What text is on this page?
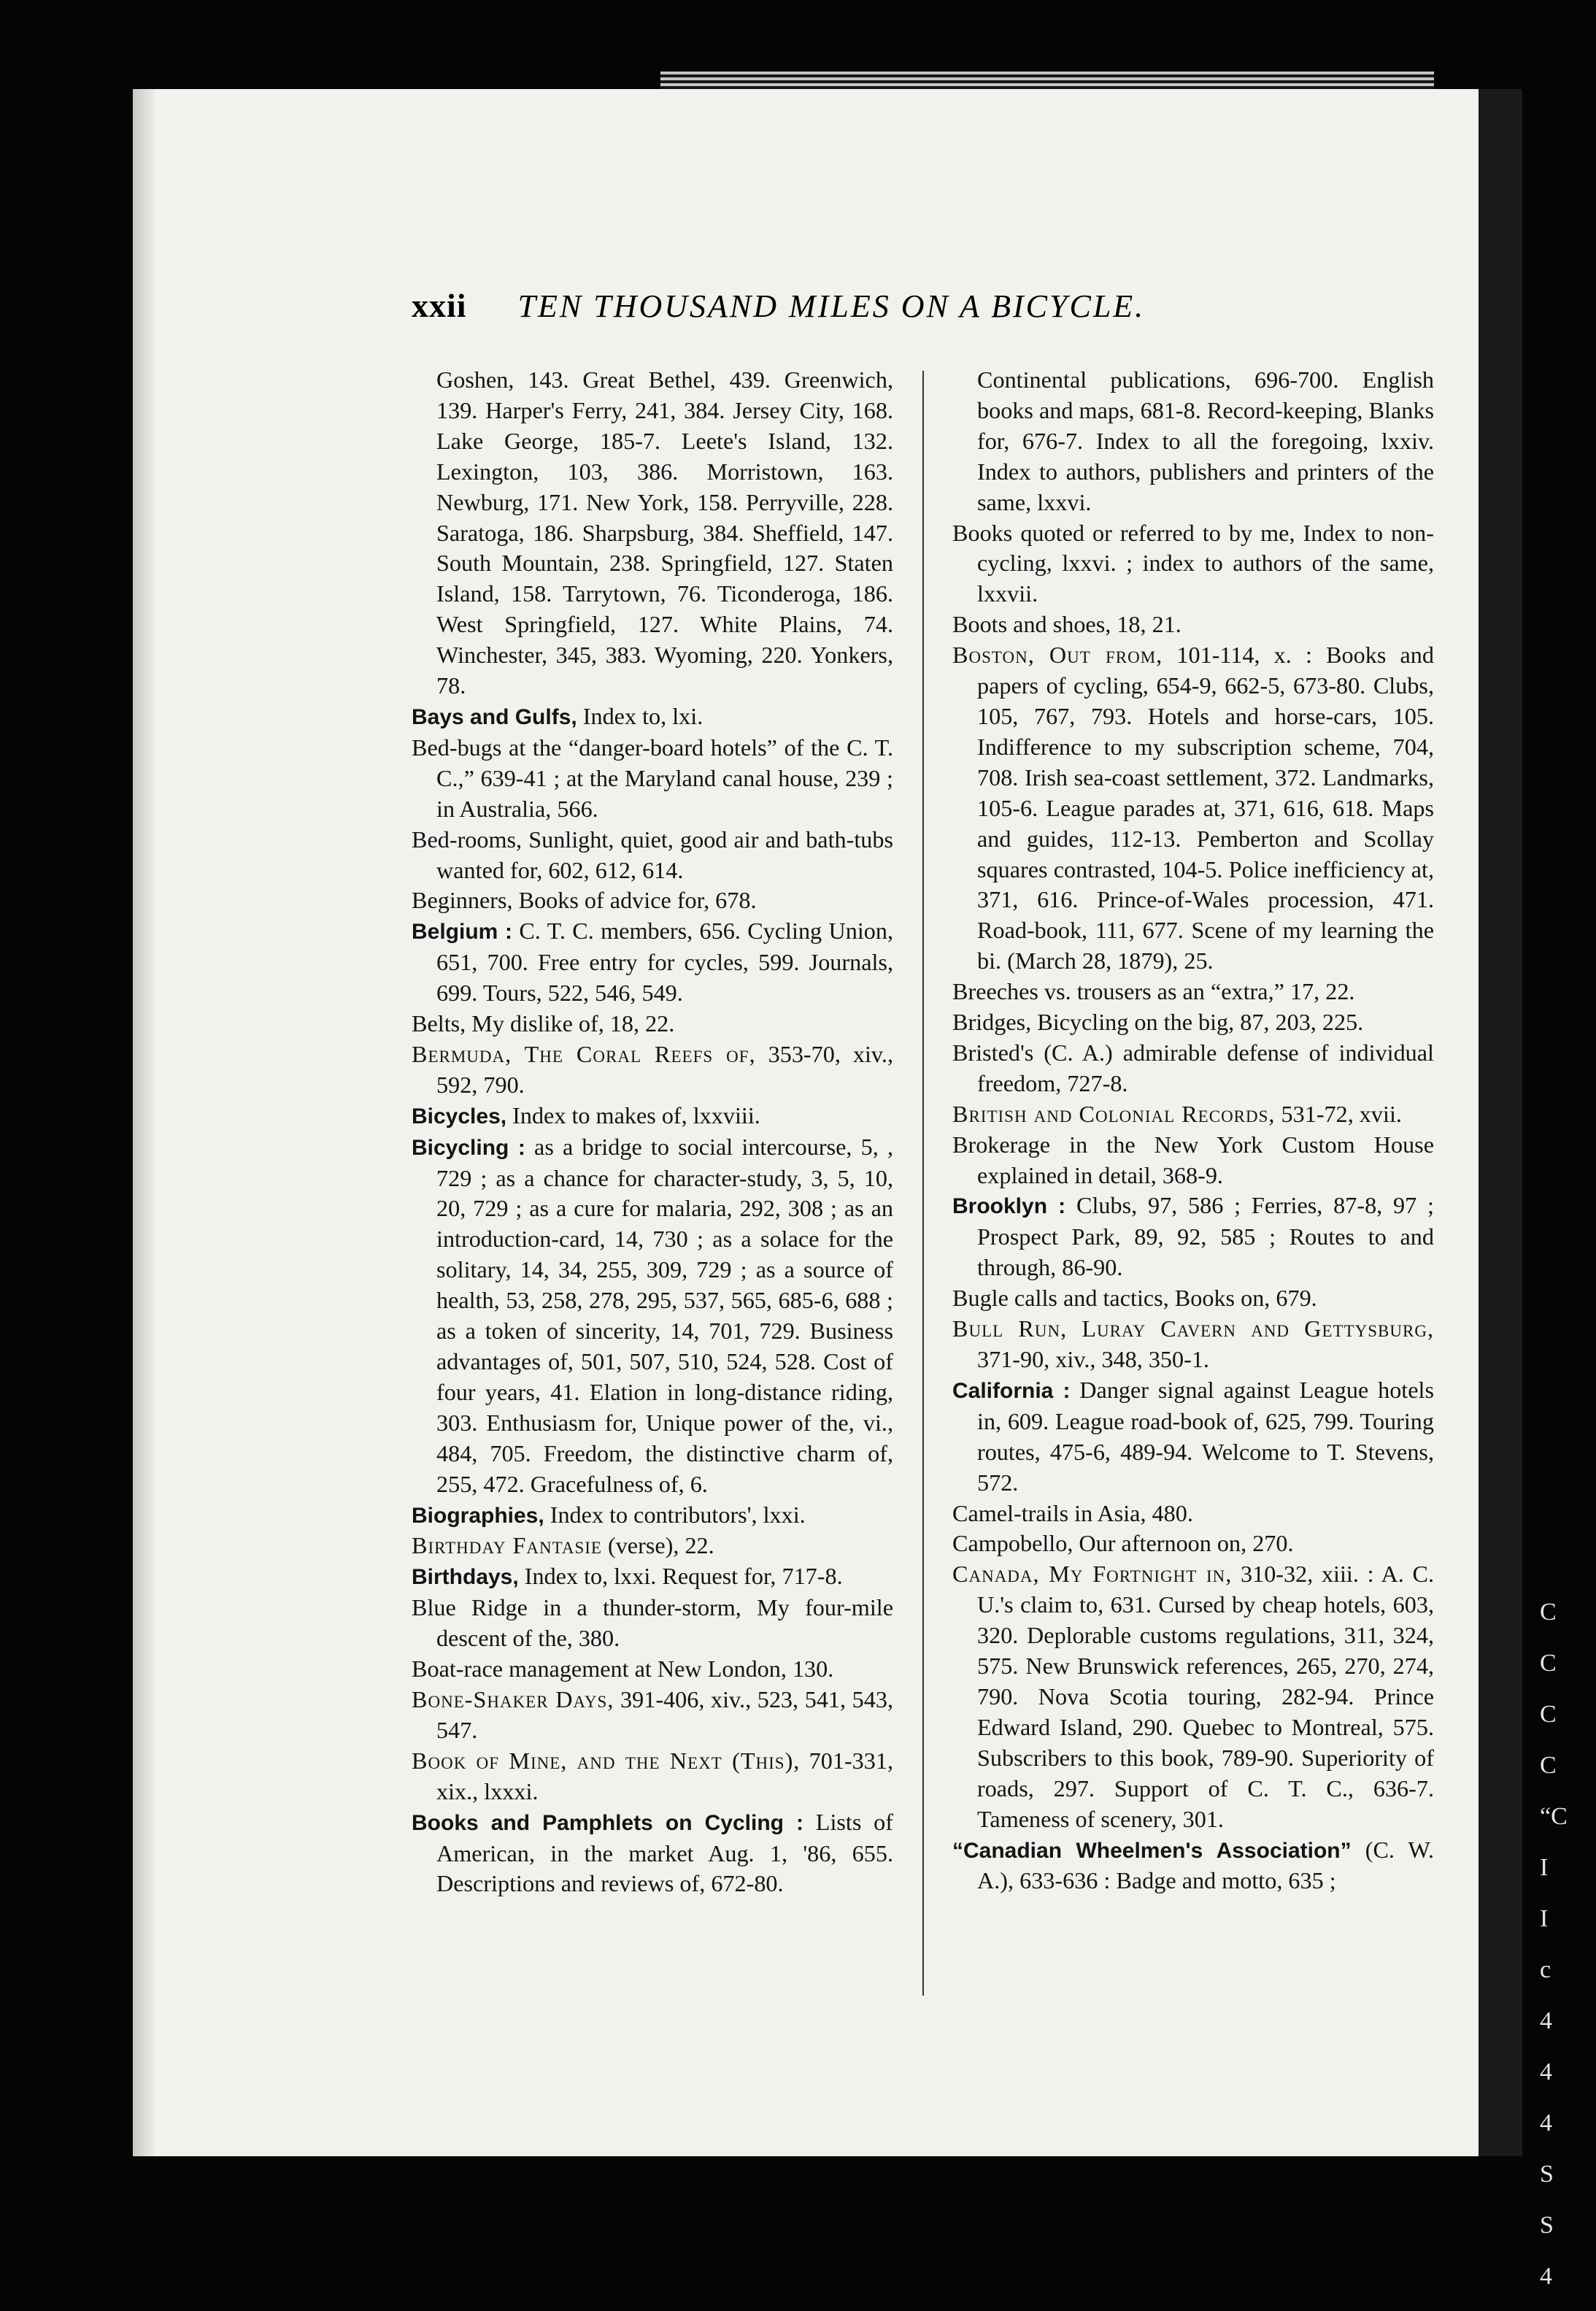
xxii TEN THOUSAND MILES ON A BICYCLE.

Goshen, 143. Great Bethel, 439. Greenwich, 139. Harper's Ferry, 241, 384. Jersey City, 168. Lake George, 185-7. Leete's Island, 132. Lexington, 103, 386. Morristown, 163. Newburg, 171. New York, 158. Perryville, 228. Saratoga, 186. Sharpsburg, 384. Sheffield, 147. South Mountain, 238. Springfield, 127. Staten Island, 158. Tarrytown, 76. Ticonderoga, 186. West Springfield, 127. White Plains, 74. Winchester, 345, 383. Wyoming, 220. Yonkers, 78.

Bays and Gulfs, Index to, lxi.

Bed-bugs at the “danger-board hotels” of the C. T. C.,” 639-41 ; at the Maryland canal house, 239 ; in Australia, 566.

Bed-rooms, Sunlight, quiet, good air and bath-tubs wanted for, 602, 612, 614.

Beginners, Books of advice for, 678.

Belgium : C. T. C. members, 656. Cycling Union, 651, 700. Free entry for cycles, 599. Journals, 699. Tours, 522, 546, 549.

Belts, My dislike of, 18, 22.

Bermuda, The Coral Reefs of, 353-70, xiv., 592, 790.

Bicycles, Index to makes of, lxxviii.

Bicycling : as a bridge to social intercourse, 5, , 729 ; as a chance for character-study, 3, 5, 10, 20, 729 ; as a cure for malaria, 292, 308 ; as an introduction-card, 14, 730 ; as a solace for the solitary, 14, 34, 255, 309, 729 ; as a source of health, 53, 258, 278, 295, 537, 565, 685-6, 688 ; as a token of sincerity, 14, 701, 729. Business advantages of, 501, 507, 510, 524, 528. Cost of four years, 41. Elation in long-distance riding, 303. Enthusiasm for, Unique power of the, vi., 484, 705. Freedom, the distinctive charm of, 255, 472. Gracefulness of, 6.

Biographies, Index to contributors', lxxi.

Birthday Fantasie (verse), 22.

Birthdays, Index to, lxxi. Request for, 717-8.

Blue Ridge in a thunder-storm, My four-mile descent of the, 380.

Boat-race management at New London, 130.

Bone-Shaker Days, 391-406, xiv., 523, 541, 543, 547.

Book of Mine, and the Next (This), 701-331, xix., lxxxi.

Books and Pamphlets on Cycling : Lists of American, in the market Aug. 1, '86, 655. Descriptions and reviews of, 672-80.

Continental publications, 696-700. English books and maps, 681-8. Record-keeping, Blanks for, 676-7. Index to all the foregoing, lxxiv. Index to authors, publishers and printers of the same, lxxvi.

Books quoted or referred to by me, Index to non-cycling, lxxvi. ; index to authors of the same, lxxvii.

Boots and shoes, 18, 21.

Boston, Out from, 101-114, x. : Books and papers of cycling, 654-9, 662-5, 673-80. Clubs, 105, 767, 793. Hotels and horse-cars, 105. Indifference to my subscription scheme, 704, 708. Irish sea-coast settlement, 372. Landmarks, 105-6. League parades at, 371, 616, 618. Maps and guides, 112-13. Pemberton and Scollay squares contrasted, 104-5. Police inefficiency at, 371, 616. Prince-of-Wales procession, 471. Road-book, 111, 677. Scene of my learning the bi. (March 28, 1879), 25.

Breeches vs. trousers as an “extra,” 17, 22.

Bridges, Bicycling on the big, 87, 203, 225.

Bristed's (C. A.) admirable defense of individual freedom, 727-8.

British and Colonial Records, 531-72, xvii.

Brokerage in the New York Custom House explained in detail, 368-9.

Brooklyn : Clubs, 97, 586 ; Ferries, 87-8, 97 ; Prospect Park, 89, 92, 585 ; Routes to and through, 86-90.

Bugle calls and tactics, Books on, 679.

Bull Run, Luray Cavern and Gettysburg, 371-90, xiv., 348, 350-1.

California : Danger signal against League hotels in, 609. League road-book of, 625, 799. Touring routes, 475-6, 489-94. Welcome to T. Stevens, 572.

Camel-trails in Asia, 480.

Campobello, Our afternoon on, 270.

Canada, My Fortnight in, 310-32, xiii. : A. C. U.'s claim to, 631. Cursed by cheap hotels, 603, 320. Deplorable customs regulations, 311, 324, 575. New Brunswick references, 265, 270, 274, 790. Nova Scotia touring, 282-94. Prince Edward Island, 290. Quebec to Montreal, 575. Subscribers to this book, 789-90. Superiority of roads, 297. Support of C. T. C., 636-7. Tameness of scenery, 301.

“Canadian Wheelmen's Association” (C. W. A.), 633-636 : Badge and motto, 635 ;

C
C
C
C
“C
I
I
c
4
4
4
S
S
4
